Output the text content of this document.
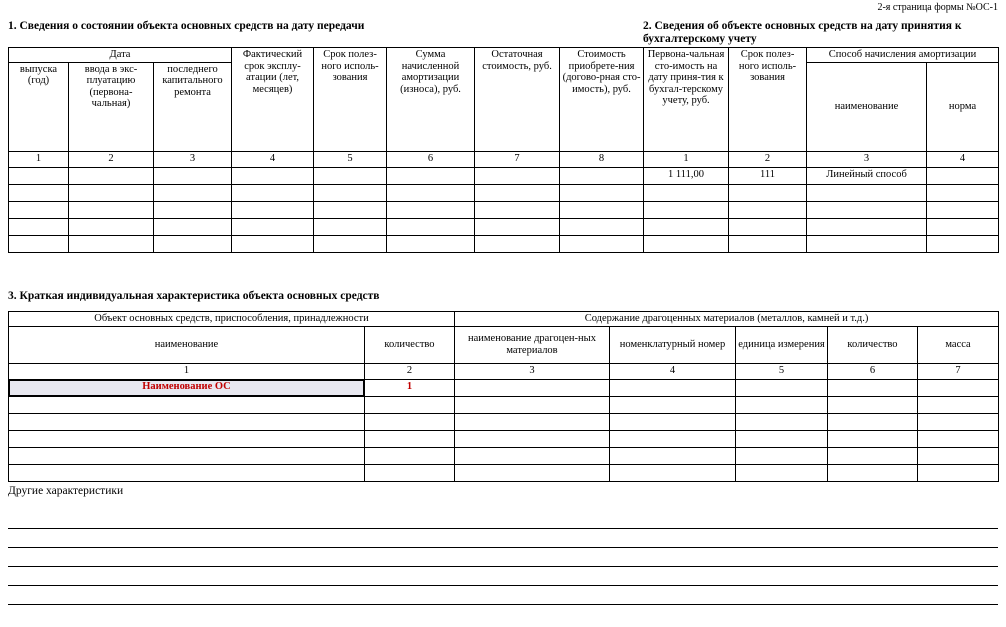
2-я страница формы №ОС-1
1. Сведения о состоянии объекта основных средств на дату передачи	2. Сведения об объекте основных средств на дату принятия к бухгалтерскому учету
Дата			Фактический срок эксплу-атации (лет, месяцев)	Срок полез-ного исполь-зования	Сумма начисленной амортизации (износа), руб.	Остаточная стоимость, руб.	Стоимость приобрете-ния (догово-рная сто-имость), руб.	Первона-чальная сто-имость на дату приня-тия к бухгал-терскому учету, руб.	Срок полез-ного исполь-зования	Способ начисления амортизации	
выпуска (год)	ввода в экс-плуатацию (первона-чальная)	последнего капитального ремонта								наименование	норма
1	2	3	4	5	6	7	8	1	2	3	4
								1 111,00	111	Линейный способ	

3. Краткая индивидуальная характеристика объекта основных средств
Объект основных средств, приспособления, принадлежности		Содержание драгоценных материалов (металлов, камней и т.д.)				
наименование	количество	наименование драгоцен-ных материалов	номенклатурный номер	единица измерения	количество	масса
1	2	3	4	5	6	7
Наименование ОС	1					

Другие характеристики
